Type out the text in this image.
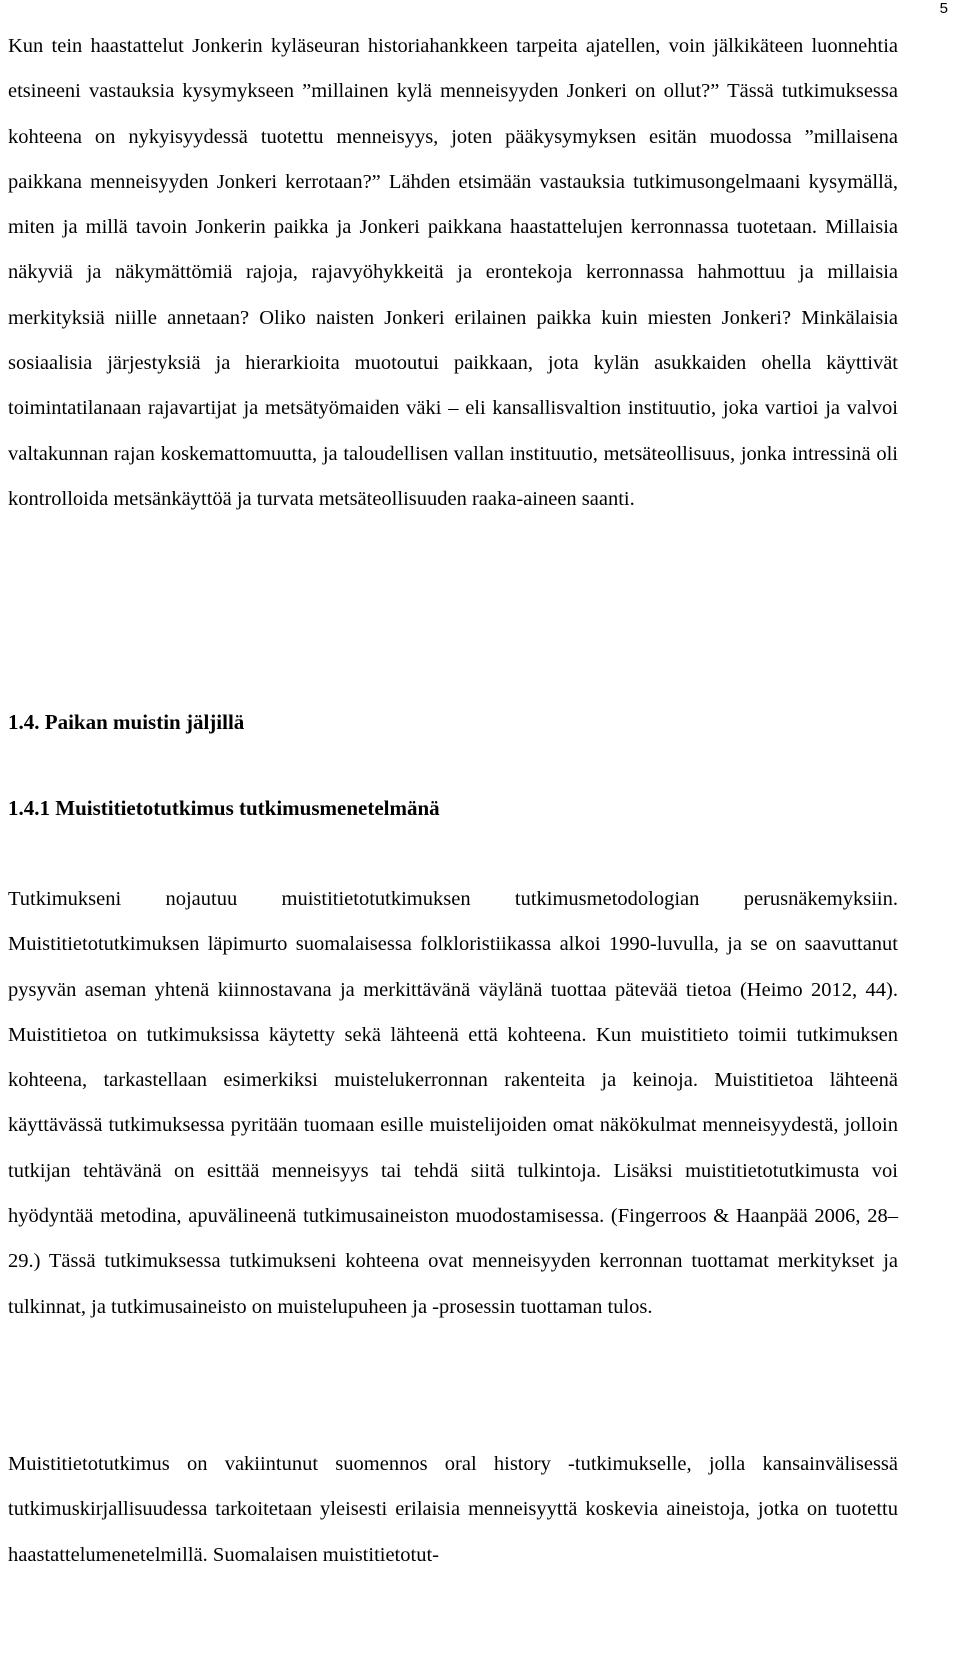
5

Kun tein haastattelut Jonkerin kyläseuran historiahankkeen tarpeita ajatellen, voin jälkikäteen luonnehtia etsineeni vastauksia kysymykseen ”millainen kylä menneisyyden Jonkeri on ollut?” Tässä tutkimuksessa kohteena on nykyisyydessä tuotettu menneisyys, joten pääkysymyksen esitän muodossa ”millaisena paikkana menneisyyden Jonkeri kerrotaan?” Lähden etsimään vastauksia tutkimusongelmaani kysymällä, miten ja millä tavoin Jonkerin paikka ja Jonkeri paikkana haastattelujen kerronnassa tuotetaan. Millaisia näkyviä ja näkymättömiä rajoja, rajavyöhykkeitä ja erontekoja kerronnassa hahmottuu ja millaisia merkityksiä niille annetaan? Oliko naisten Jonkeri erilainen paikka kuin miesten Jonkeri? Minkälaisia sosiaalisia järjestyksiä ja hierarkioita muotoutui paikkaan, jota kylän asukkaiden ohella käyttivät toimintatilanaan rajavartijat ja metsätyömaiden väki – eli kansallisvaltion instituutio, joka vartioi ja valvoi valtakunnan rajan koskemattomuutta, ja taloudellisen vallan instituutio, metsäteollisuus, jonka intressinä oli kontrolloida metsänkäyttöä ja turvata metsäteollisuuden raaka-aineen saanti.

1.4. Paikan muistin jäljillä
1.4.1 Muistitietotutkimus tutkimusmenetelmänä

Tutkimukseni nojautuu muistitietotutkimuksen tutkimusmetodologian perusnäkemyksiin. Muistitietotutkimuksen läpimurto suomalaisessa folkloristiikassa alkoi 1990-luvulla, ja se on saavuttanut pysyvän aseman yhtenä kiinnostavana ja merkittävänä väylänä tuottaa pätevää tietoa (Heimo 2012, 44). Muistitietoa on tutkimuksissa käytetty sekä lähteenä että kohteena. Kun muistitieto toimii tutkimuksen kohteena, tarkastellaan esimerkiksi muistelukerronnan rakenteita ja keinoja. Muistitietoa lähteenä käyttävässä tutkimuksessa pyritään tuomaan esille muistelijoiden omat näkökulmat menneisyydestä, jolloin tutkijan tehtävänä on esittää menneisyys tai tehdä siitä tulkintoja. Lisäksi muistitietotutkimusta voi hyödyntää metodina, apuvälineenä tutkimusaineiston muodostamisessa. (Fingerroos & Haanpää 2006, 28–29.) Tässä tutkimuksessa tutkimukseni kohteena ovat menneisyyden kerronnan tuottamat merkitykset ja tulkinnat, ja tutkimusaineisto on muistelupuheen ja -prosessin tuottaman tulos.

Muistitietotutkimus on vakiintunut suomennos oral history -tutkimukselle, jolla kansainvälisessä tutkimuskirjallisuudessa tarkoitetaan yleisesti erilaisia menneisyyttä koskevia aineistoja, jotka on tuotettu haastattelumenetelmillä. Suomalaisen muistitietotut-
